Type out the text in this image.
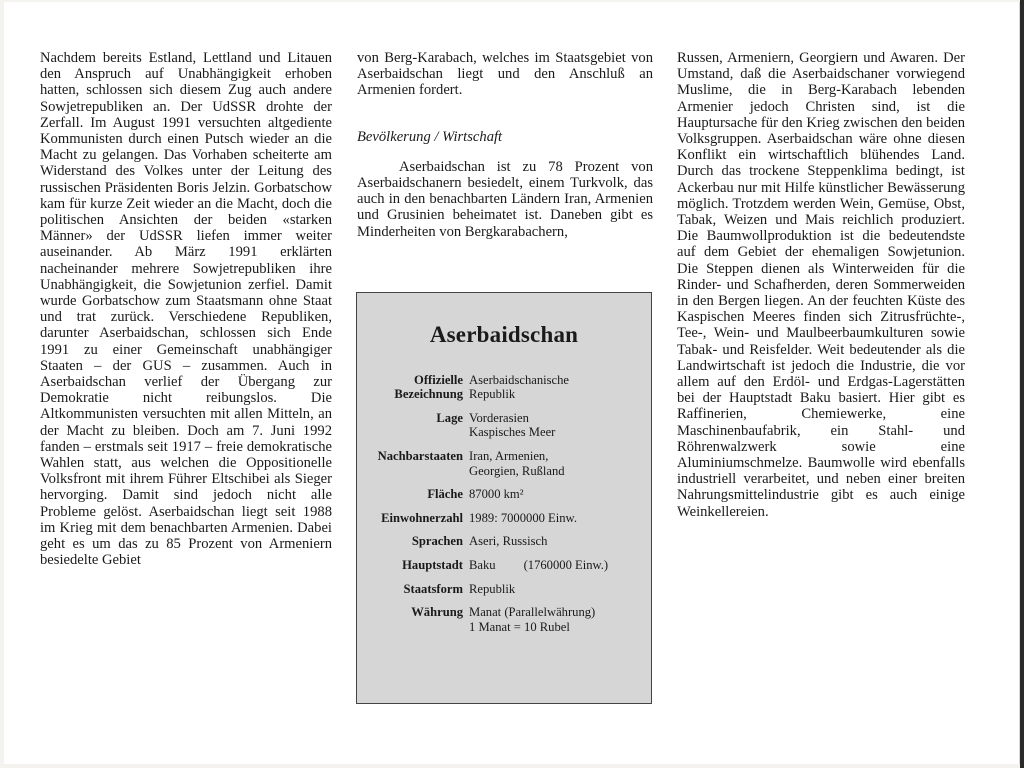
Nachdem bereits Estland, Lettland und Litauen den Anspruch auf Unabhängigkeit erhoben hatten, schlossen sich diesem Zug auch andere Sowjetrepubliken an. Der UdSSR drohte der Zerfall. Im August 1991 versuchten altgediente Kommunisten durch einen Putsch wieder an die Macht zu gelangen. Das Vorhaben scheiterte am Widerstand des Volkes unter der Leitung des russischen Präsidenten Boris Jelzin. Gorbatschow kam für kurze Zeit wieder an die Macht, doch die politischen Ansichten der beiden «starken Männer» der UdSSR liefen immer weiter auseinander. Ab März 1991 erklärten nacheinander mehrere Sowjetrepubliken ihre Unabhängigkeit, die Sowjetunion zerfiel. Damit wurde Gorbatschow zum Staatsmann ohne Staat und trat zurück. Verschiedene Republiken, darunter Aserbaidschan, schlossen sich Ende 1991 zu einer Gemeinschaft unabhängiger Staaten – der GUS – zusammen. Auch in Aserbaidschan verlief der Übergang zur Demokratie nicht reibungslos. Die Altkommunisten versuchten mit allen Mitteln, an der Macht zu bleiben. Doch am 7. Juni 1992 fanden – erstmals seit 1917 – freie demokratische Wahlen statt, aus welchen die Oppositionelle Volksfront mit ihrem Führer Eltschibei als Sieger hervorging. Damit sind jedoch nicht alle Probleme gelöst. Aserbaidschan liegt seit 1988 im Krieg mit dem benachbarten Armenien. Dabei geht es um das zu 85 Prozent von Armeniern besiedelte Gebiet

von Berg-Karabach, welches im Staatsgebiet von Aserbaidschan liegt und den Anschluß an Armenien fordert.

Bevölkerung / Wirtschaft

Aserbaidschan ist zu 78 Prozent von Aserbaidschanern besiedelt, einem Turkvolk, das auch in den benachbarten Ländern Iran, Armenien und Grusinien beheimatet ist. Daneben gibt es Minderheiten von Bergkarabachern,

Russen, Armeniern, Georgiern und Awaren. Der Umstand, daß die Aserbaidschaner vorwiegend Muslime, die in Berg-Karabach lebenden Armenier jedoch Christen sind, ist die Hauptursache für den Krieg zwischen den beiden Volksgruppen. Aserbaidschan wäre ohne diesen Konflikt ein wirtschaftlich blühendes Land. Durch das trockene Steppenklima bedingt, ist Ackerbau nur mit Hilfe künstlicher Bewässerung möglich. Trotzdem werden Wein, Gemüse, Obst, Tabak, Weizen und Mais reichlich produziert. Die Baumwollproduktion ist die bedeutendste auf dem Gebiet der ehemaligen Sowjetunion. Die Steppen dienen als Winterweiden für die Rinder- und Schafherden, deren Sommerweiden in den Bergen liegen. An der feuchten Küste des Kaspischen Meeres finden sich Zitrusfrüchte-, Tee-, Wein- und Maulbeerbaumkulturen sowie Tabak- und Reisfelder. Weit bedeutender als die Landwirtschaft ist jedoch die Industrie, die vor allem auf den Erdöl- und Erdgas-Lagerstätten bei der Hauptstadt Baku basiert. Hier gibt es Raffinerien, Chemiewerke, eine Maschinenbaufabrik, ein Stahl- und Röhrenwalzwerk sowie eine Aluminiumschmelze. Baumwolle wird ebenfalls industriell verarbeitet, und neben einer breiten Nahrungsmittelindustrie gibt es auch einige Weinkellereien.

Aserbaidschan
Offizielle
Bezeichnung
Aserbaidschanische
Republik
Lage Vorderasien
Kaspisches Meer
Nachbarstaaten Iran, Armenien,
Georgien, Rußland
Fläche 87000 km²
Einwohnerzahl 1989: 7000000 Einw.
Sprachen Aseri, Russisch
Hauptstadt Baku (1760000 Einw.)
Staatsform Republik
Währung Manat (Parallelwährung)
1 Manat = 10 Rubel
